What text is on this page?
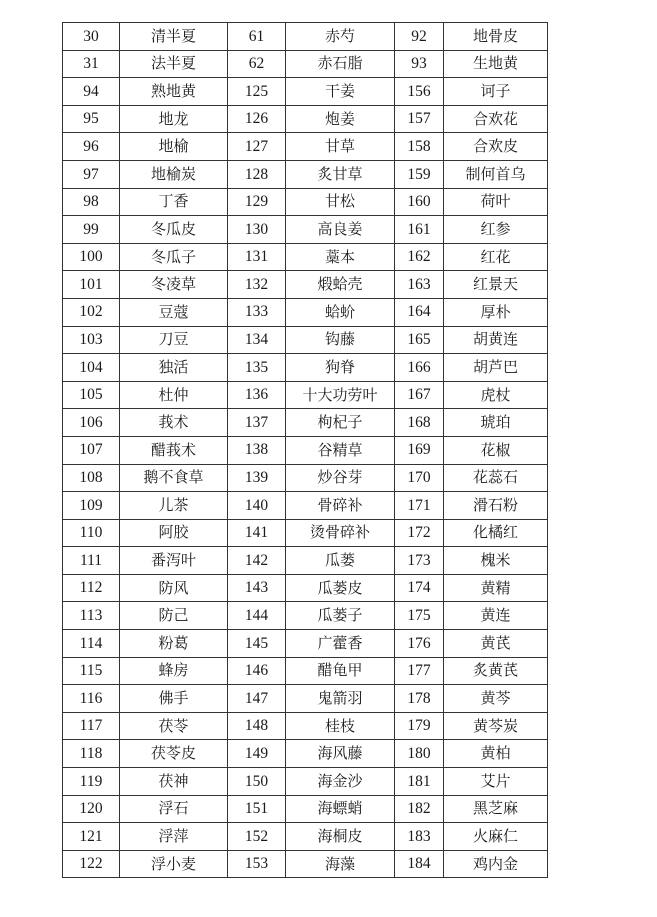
30	清半夏	61	赤芍	92	地骨皮
31	法半夏	62	赤石脂	93	生地黄
94	熟地黄	125	干姜	156	诃子
95	地龙	126	炮姜	157	合欢花
96	地榆	127	甘草	158	合欢皮
97	地榆炭	128	炙甘草	159	制何首乌
98	丁香	129	甘松	160	荷叶
99	冬瓜皮	130	高良姜	161	红参
100	冬瓜子	131	藁本	162	红花
101	冬凌草	132	煅蛤壳	163	红景天
102	豆蔻	133	蛤蚧	164	厚朴
103	刀豆	134	钩藤	165	胡黄连
104	独活	135	狗脊	166	胡芦巴
105	杜仲	136	十大功劳叶	167	虎杖
106	莪术	137	枸杞子	168	琥珀
107	醋莪术	138	谷精草	169	花椒
108	鹅不食草	139	炒谷芽	170	花蕊石
109	儿茶	140	骨碎补	171	滑石粉
110	阿胶	141	烫骨碎补	172	化橘红
111	番泻叶	142	瓜蒌	173	槐米
112	防风	143	瓜蒌皮	174	黄精
113	防己	144	瓜蒌子	175	黄连
114	粉葛	145	广藿香	176	黄芪
115	蜂房	146	醋龟甲	177	炙黄芪
116	佛手	147	鬼箭羽	178	黄芩
117	茯苓	148	桂枝	179	黄芩炭
118	茯苓皮	149	海风藤	180	黄柏
119	茯神	150	海金沙	181	艾片
120	浮石	151	海螵蛸	182	黑芝麻
121	浮萍	152	海桐皮	183	火麻仁
122	浮小麦	153	海藻	184	鸡内金
